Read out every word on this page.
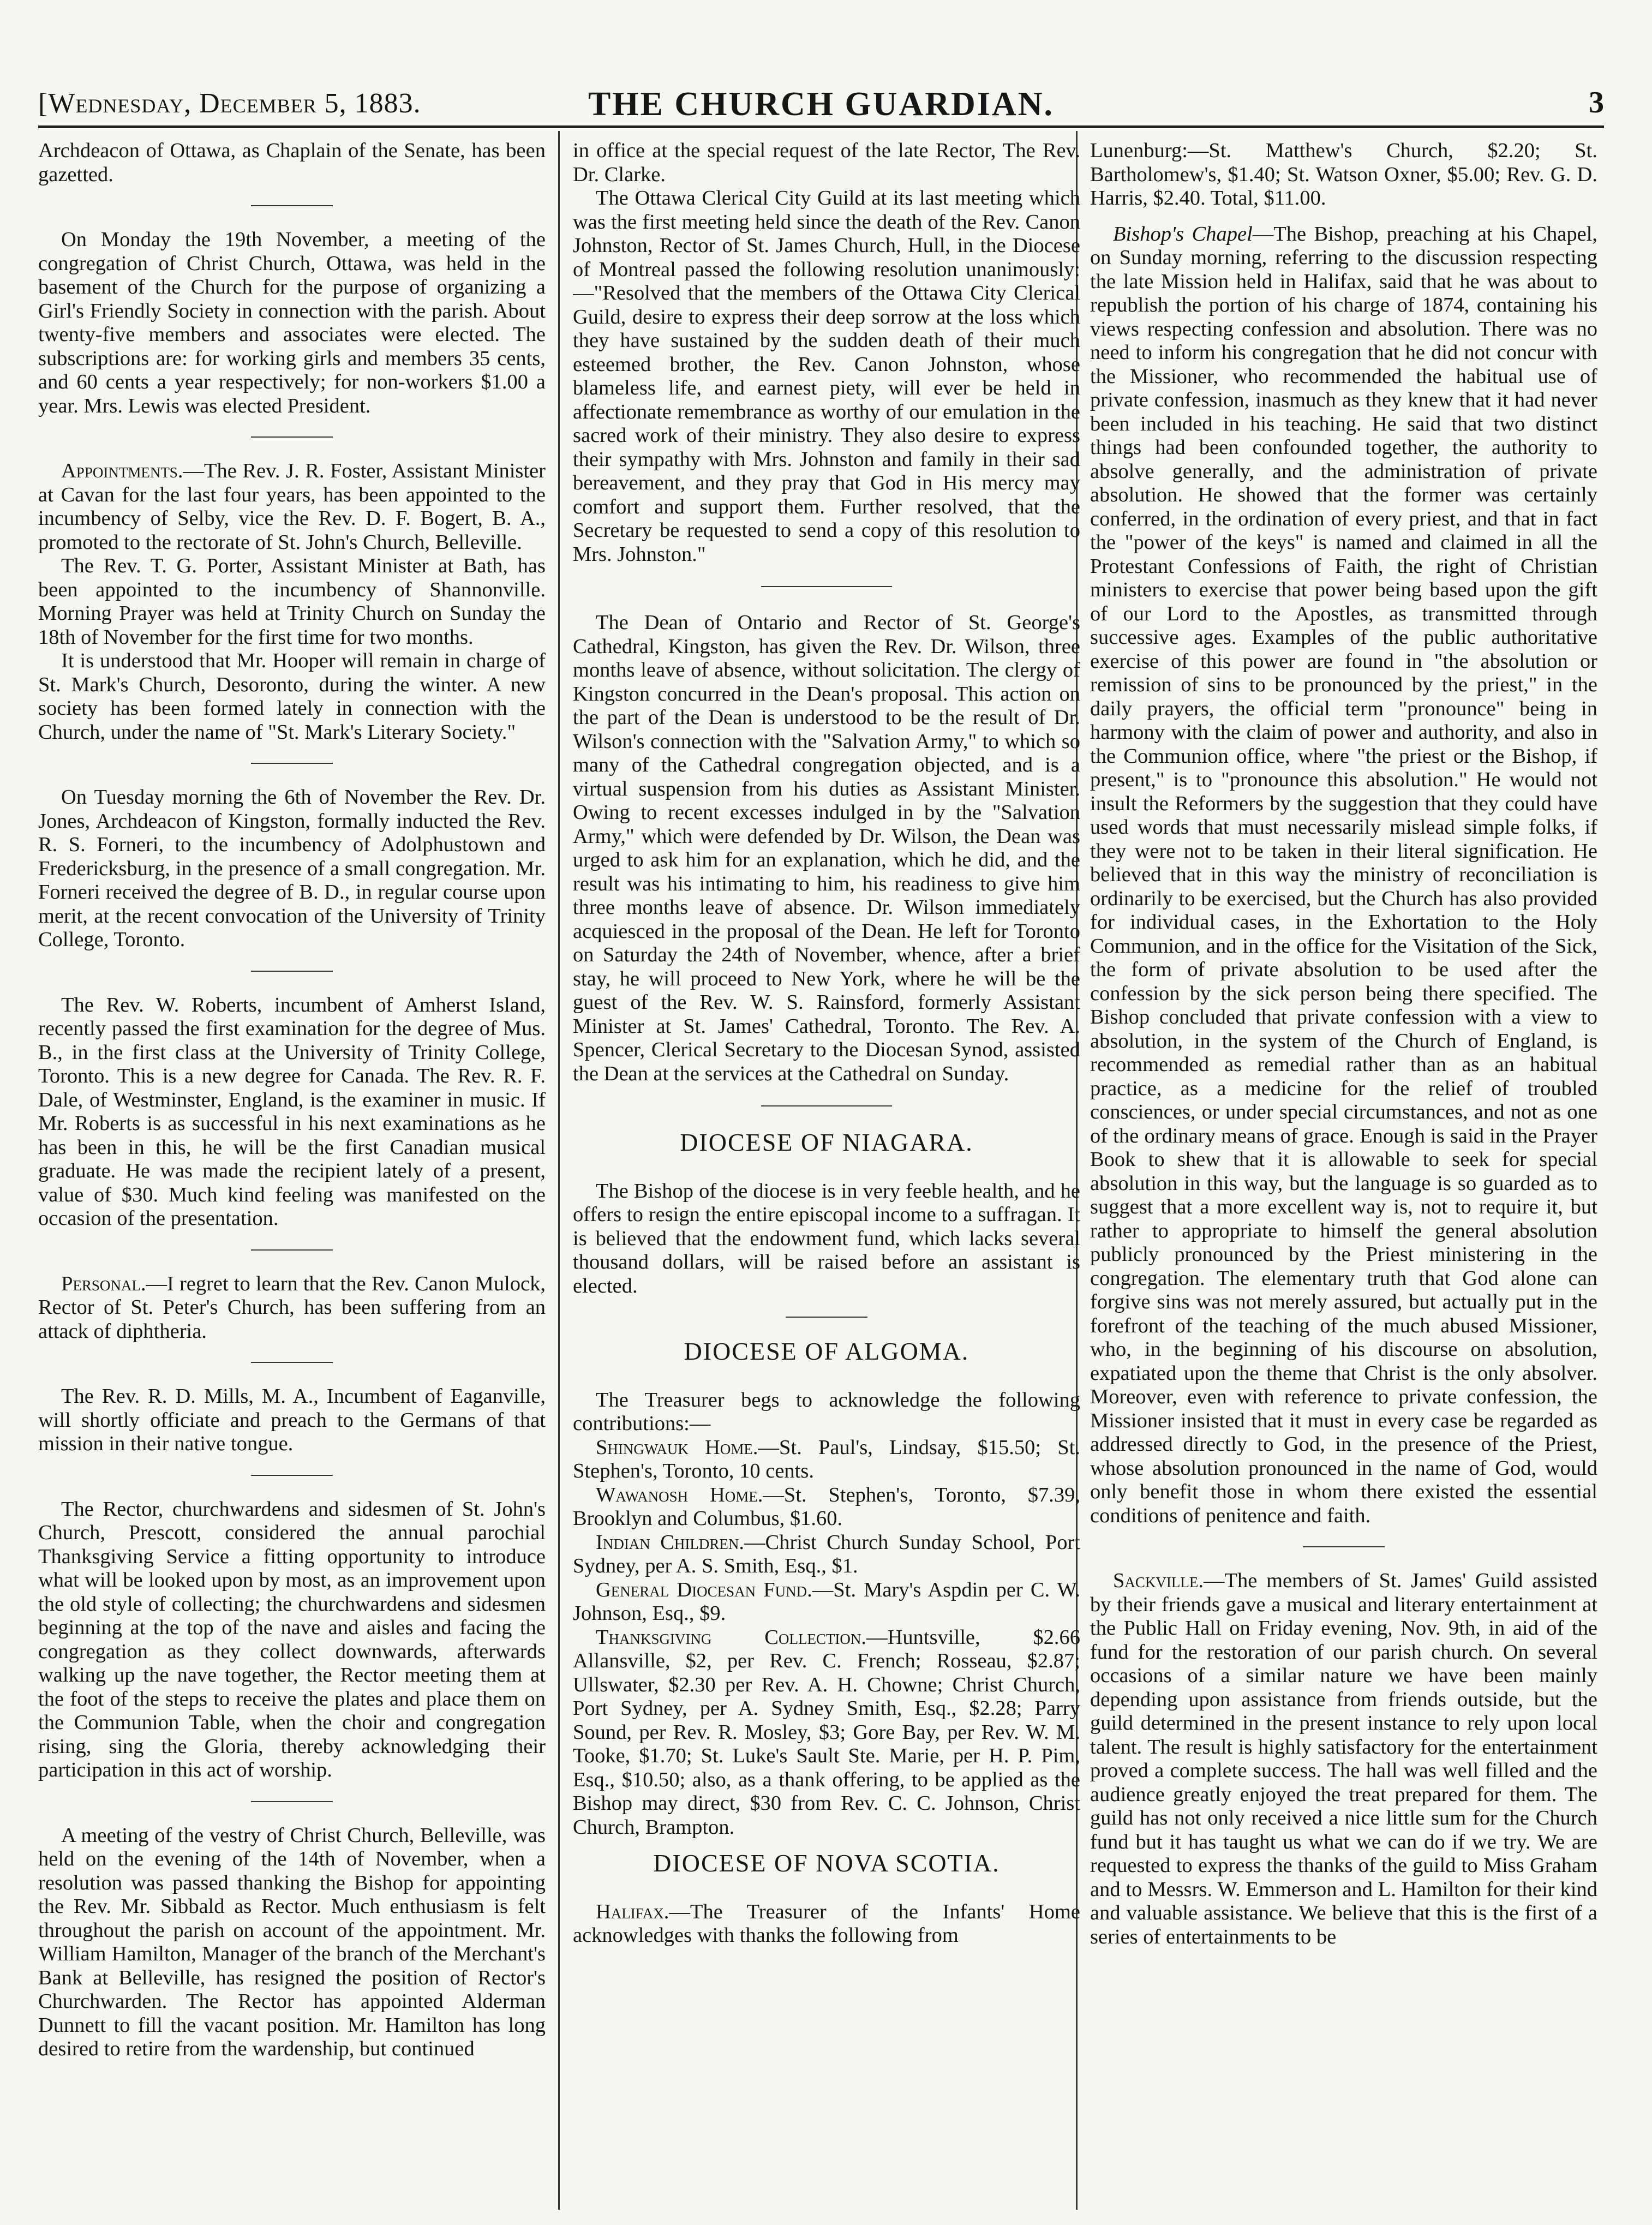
[Wednesday, December 5, 1883.	THE CHURCH GUARDIAN.	3

Archdeacon of Ottawa, as Chaplain of the Senate, has been gazetted.

On Monday the 19th November, a meeting of the congregation of Christ Church, Ottawa, was held in the basement of the Church for the purpose of organizing a Girl's Friendly Society in connection with the parish. About twenty-five members and associates were elected. The subscriptions are: for working girls and members 35 cents, and 60 cents a year respectively; for non-workers $1.00 a year. Mrs. Lewis was elected President.

Appointments.—The Rev. J. R. Foster, Assistant Minister at Cavan for the last four years, has been appointed to the incumbency of Selby, vice the Rev. D. F. Bogert, B. A., promoted to the rectorate of St. John's Church, Belleville.

The Rev. T. G. Porter, Assistant Minister at Bath, has been appointed to the incumbency of Shannonville. Morning Prayer was held at Trinity Church on Sunday the 18th of November for the first time for two months.

It is understood that Mr. Hooper will remain in charge of St. Mark's Church, Desoronto, during the winter. A new society has been formed lately in connection with the Church, under the name of "St. Mark's Literary Society."

On Tuesday morning the 6th of November the Rev. Dr. Jones, Archdeacon of Kingston, formally inducted the Rev. R. S. Forneri, to the incumbency of Adolphustown and Fredericksburg, in the presence of a small congregation. Mr. Forneri received the degree of B. D., in regular course upon merit, at the recent convocation of the University of Trinity College, Toronto.

The Rev. W. Roberts, incumbent of Amherst Island, recently passed the first examination for the degree of Mus. B., in the first class at the University of Trinity College, Toronto. This is a new degree for Canada. The Rev. R. F. Dale, of Westminster, England, is the examiner in music. If Mr. Roberts is as successful in his next examinations as he has been in this, he will be the first Canadian musical graduate. He was made the recipient lately of a present, value of $30. Much kind feeling was manifested on the occasion of the presentation.

Personal.—I regret to learn that the Rev. Canon Mulock, Rector of St. Peter's Church, has been suffering from an attack of diphtheria.

The Rev. R. D. Mills, M. A., Incumbent of Eaganville, will shortly officiate and preach to the Germans of that mission in their native tongue.

The Rector, churchwardens and sidesmen of St. John's Church, Prescott, considered the annual parochial Thanksgiving Service a fitting opportunity to introduce what will be looked upon by most, as an improvement upon the old style of collecting; the churchwardens and sidesmen beginning at the top of the nave and aisles and facing the congregation as they collect downwards, afterwards walking up the nave together, the Rector meeting them at the foot of the steps to receive the plates and place them on the Communion Table, when the choir and congregation rising, sing the Gloria, thereby acknowledging their participation in this act of worship.

A meeting of the vestry of Christ Church, Belleville, was held on the evening of the 14th of November, when a resolution was passed thanking the Bishop for appointing the Rev. Mr. Sibbald as Rector. Much enthusiasm is felt throughout the parish on account of the appointment. Mr. William Hamilton, Manager of the branch of the Merchant's Bank at Belleville, has resigned the position of Rector's Churchwarden. The Rector has appointed Alderman Dunnett to fill the vacant position. Mr. Hamilton has long desired to retire from the wardenship, but continued

in office at the special request of the late Rector, The Rev. Dr. Clarke.

The Ottawa Clerical City Guild at its last meeting which was the first meeting held since the death of the Rev. Canon Johnston, Rector of St. James Church, Hull, in the Diocese of Montreal passed the following resolution unanimously:—"Resolved that the members of the Ottawa City Clerical Guild, desire to express their deep sorrow at the loss which they have sustained by the sudden death of their much esteemed brother, the Rev. Canon Johnston, whose blameless life, and earnest piety, will ever be held in affectionate remembrance as worthy of our emulation in the sacred work of their ministry. They also desire to express their sympathy with Mrs. Johnston and family in their sad bereavement, and they pray that God in His mercy may comfort and support them. Further resolved, that the Secretary be requested to send a copy of this resolution to Mrs. Johnston."

The Dean of Ontario and Rector of St. George's Cathedral, Kingston, has given the Rev. Dr. Wilson, three months leave of absence, without solicitation. The clergy of Kingston concurred in the Dean's proposal. This action on the part of the Dean is understood to be the result of Dr. Wilson's connection with the "Salvation Army," to which so many of the Cathedral congregation objected, and is a virtual suspension from his duties as Assistant Minister. Owing to recent excesses indulged in by the "Salvation Army," which were defended by Dr. Wilson, the Dean was urged to ask him for an explanation, which he did, and the result was his intimating to him, his readiness to give him three months leave of absence. Dr. Wilson immediately acquiesced in the proposal of the Dean. He left for Toronto on Saturday the 24th of November, whence, after a brief stay, he will proceed to New York, where he will be the guest of the Rev. W. S. Rainsford, formerly Assistant Minister at St. James' Cathedral, Toronto. The Rev. A. Spencer, Clerical Secretary to the Diocesan Synod, assisted the Dean at the services at the Cathedral on Sunday.

DIOCESE OF NIAGARA.

The Bishop of the diocese is in very feeble health, and he offers to resign the entire episcopal income to a suffragan. It is believed that the endowment fund, which lacks several thousand dollars, will be raised before an assistant is elected.

DIOCESE OF ALGOMA.

The Treasurer begs to acknowledge the following contributions:—

Shingwauk Home.—St. Paul's, Lindsay, $15.50; St. Stephen's, Toronto, 10 cents.

Wawanosh Home.—St. Stephen's, Toronto, $7.39, Brooklyn and Columbus, $1.60.

Indian Children.—Christ Church Sunday School, Port Sydney, per A. S. Smith, Esq., $1.

General Diocesan Fund.—St. Mary's Aspdin per C. W. Johnson, Esq., $9.

Thanksgiving Collection.—Huntsville, $2.66 Allansville, $2, per Rev. C. French; Rosseau, $2.87; Ullswater, $2.30 per Rev. A. H. Chowne; Christ Church, Port Sydney, per A. Sydney Smith, Esq., $2.28; Parry Sound, per Rev. R. Mosley, $3; Gore Bay, per Rev. W. M. Tooke, $1.70; St. Luke's Sault Ste. Marie, per H. P. Pim, Esq., $10.50; also, as a thank offering, to be applied as the Bishop may direct, $30 from Rev. C. C. Johnson, Christ Church, Brampton.

DIOCESE OF NOVA SCOTIA.

Halifax.—The Treasurer of the Infants' Home acknowledges with thanks the following from

Lunenburg:—St. Matthew's Church, $2.20; St. Bartholomew's, $1.40; St. Watson Oxner, $5.00; Rev. G. D. Harris, $2.40. Total, $11.00.

Bishop's Chapel—The Bishop, preaching at his Chapel, on Sunday morning, referring to the discussion respecting the late Mission held in Halifax, said that he was about to republish the portion of his charge of 1874, containing his views respecting confession and absolution. There was no need to inform his congregation that he did not concur with the Missioner, who recommended the habitual use of private confession, inasmuch as they knew that it had never been included in his teaching. He said that two distinct things had been confounded together, the authority to absolve generally, and the administration of private absolution. He showed that the former was certainly conferred, in the ordination of every priest, and that in fact the "power of the keys" is named and claimed in all the Protestant Confessions of Faith, the right of Christian ministers to exercise that power being based upon the gift of our Lord to the Apostles, as transmitted through successive ages. Examples of the public authoritative exercise of this power are found in "the absolution or remission of sins to be pronounced by the priest," in the daily prayers, the official term "pronounce" being in harmony with the claim of power and authority, and also in the Communion office, where "the priest or the Bishop, if present," is to "pronounce this absolution." He would not insult the Reformers by the suggestion that they could have used words that must necessarily mislead simple folks, if they were not to be taken in their literal signification. He believed that in this way the ministry of reconciliation is ordinarily to be exercised, but the Church has also provided for individual cases, in the Exhortation to the Holy Communion, and in the office for the Visitation of the Sick, the form of private absolution to be used after the confession by the sick person being there specified. The Bishop concluded that private confession with a view to absolution, in the system of the Church of England, is recommended as remedial rather than as an habitual practice, as a medicine for the relief of troubled consciences, or under special circumstances, and not as one of the ordinary means of grace. Enough is said in the Prayer Book to shew that it is allowable to seek for special absolution in this way, but the language is so guarded as to suggest that a more excellent way is, not to require it, but rather to appropriate to himself the general absolution publicly pronounced by the Priest ministering in the congregation. The elementary truth that God alone can forgive sins was not merely assured, but actually put in the forefront of the teaching of the much abused Missioner, who, in the beginning of his discourse on absolution, expatiated upon the theme that Christ is the only absolver. Moreover, even with reference to private confession, the Missioner insisted that it must in every case be regarded as addressed directly to God, in the presence of the Priest, whose absolution pronounced in the name of God, would only benefit those in whom there existed the essential conditions of penitence and faith.

Sackville.—The members of St. James' Guild assisted by their friends gave a musical and literary entertainment at the Public Hall on Friday evening, Nov. 9th, in aid of the fund for the restoration of our parish church. On several occasions of a similar nature we have been mainly depending upon assistance from friends outside, but the guild determined in the present instance to rely upon local talent. The result is highly satisfactory for the entertainment proved a complete success. The hall was well filled and the audience greatly enjoyed the treat prepared for them. The guild has not only received a nice little sum for the Church fund but it has taught us what we can do if we try. We are requested to express the thanks of the guild to Miss Graham and to Messrs. W. Emmerson and L. Hamilton for their kind and valuable assistance. We believe that this is the first of a series of entertainments to be
